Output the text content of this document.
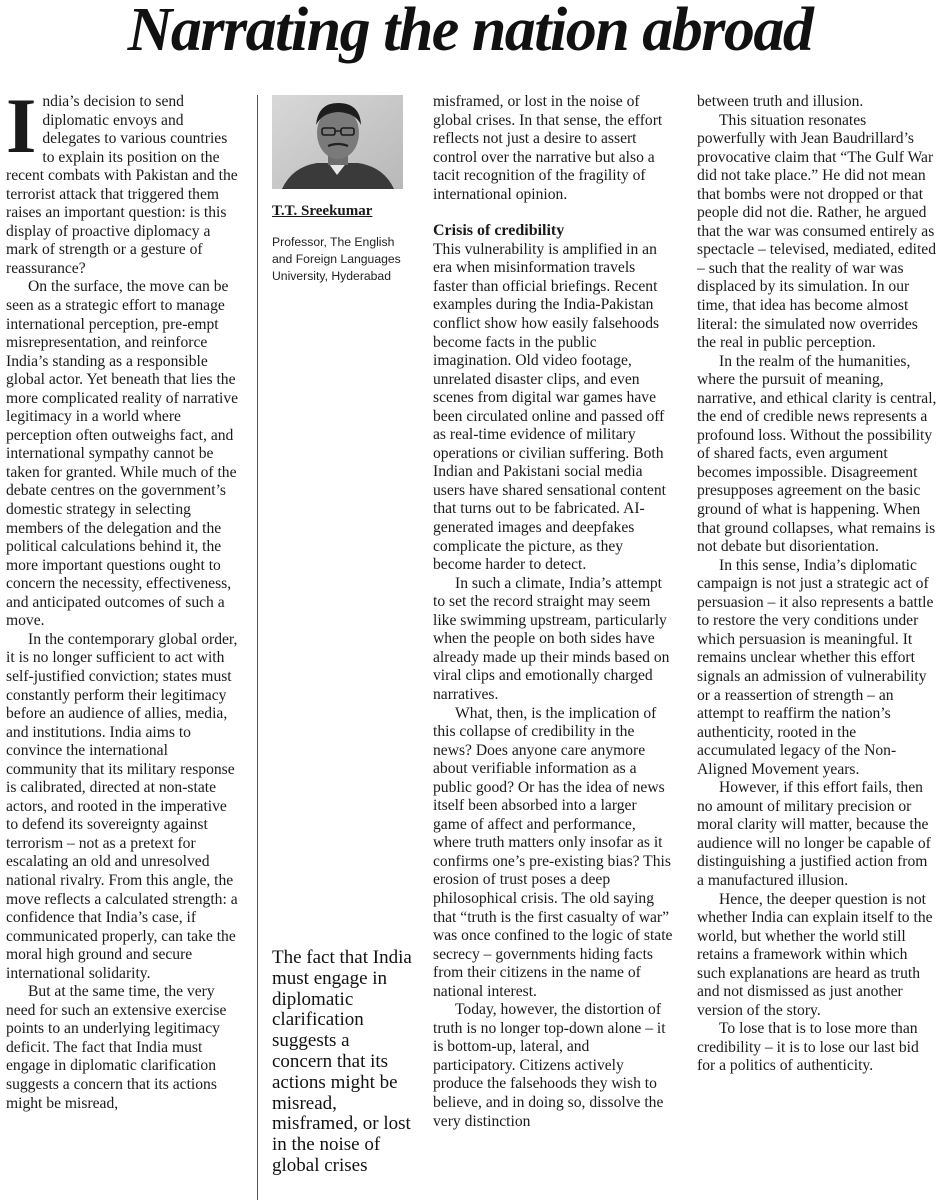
Narrating the nation abroad

India’s decision to send diplomatic envoys and delegates to various countries to explain its position on the recent combats with Pakistan and the terrorist attack that triggered them raises an important question: is this display of proactive diplomacy a mark of strength or a gesture of reassurance?

On the surface, the move can be seen as a strategic effort to manage international perception, pre-empt misrepresentation, and reinforce India’s standing as a responsible global actor. Yet beneath that lies the more complicated reality of narrative legitimacy in a world where perception often outweighs fact, and international sympathy cannot be taken for granted. While much of the debate centres on the government’s domestic strategy in selecting members of the delegation and the political calculations behind it, the more important questions ought to concern the necessity, effectiveness, and anticipated outcomes of such a move.

In the contemporary global order, it is no longer sufficient to act with self-justified conviction; states must constantly perform their legitimacy before an audience of allies, media, and institutions. India aims to convince the international community that its military response is calibrated, directed at non-state actors, and rooted in the imperative to defend its sovereignty against terrorism – not as a pretext for escalating an old and unresolved national rivalry. From this angle, the move reflects a calculated strength: a confidence that India’s case, if communicated properly, can take the moral high ground and secure international solidarity.

But at the same time, the very need for such an extensive exercise points to an underlying legitimacy deficit. The fact that India must engage in diplomatic clarification suggests a concern that its actions might be misread,

T.T. Sreekumar
Professor, The English and Foreign Languages University, Hyderabad
The fact that India must engage in diplomatic clarification suggests a concern that its actions might be misread, misframed, or lost in the noise of global crises

misframed, or lost in the noise of global crises. In that sense, the effort reflects not just a desire to assert control over the narrative but also a tacit recognition of the fragility of international opinion.

Crisis of credibility

This vulnerability is amplified in an era when misinformation travels faster than official briefings. Recent examples during the India-Pakistan conflict show how easily falsehoods become facts in the public imagination. Old video footage, unrelated disaster clips, and even scenes from digital war games have been circulated online and passed off as real-time evidence of military operations or civilian suffering. Both Indian and Pakistani social media users have shared sensational content that turns out to be fabricated. AI-generated images and deepfakes complicate the picture, as they become harder to detect.

In such a climate, India’s attempt to set the record straight may seem like swimming upstream, particularly when the people on both sides have already made up their minds based on viral clips and emotionally charged narratives.

What, then, is the implication of this collapse of credibility in the news? Does anyone care anymore about verifiable information as a public good? Or has the idea of news itself been absorbed into a larger game of affect and performance, where truth matters only insofar as it confirms one’s pre-existing bias? This erosion of trust poses a deep philosophical crisis. The old saying that “truth is the first casualty of war” was once confined to the logic of state secrecy – governments hiding facts from their citizens in the name of national interest.

Today, however, the distortion of truth is no longer top-down alone – it is bottom-up, lateral, and participatory. Citizens actively produce the falsehoods they wish to believe, and in doing so, dissolve the very distinction

between truth and illusion.

This situation resonates powerfully with Jean Baudrillard’s provocative claim that “The Gulf War did not take place.” He did not mean that bombs were not dropped or that people did not die. Rather, he argued that the war was consumed entirely as spectacle – televised, mediated, edited – such that the reality of war was displaced by its simulation. In our time, that idea has become almost literal: the simulated now overrides the real in public perception.

In the realm of the humanities, where the pursuit of meaning, narrative, and ethical clarity is central, the end of credible news represents a profound loss. Without the possibility of shared facts, even argument becomes impossible. Disagreement presupposes agreement on the basic ground of what is happening. When that ground collapses, what remains is not debate but disorientation.

In this sense, India’s diplomatic campaign is not just a strategic act of persuasion – it also represents a battle to restore the very conditions under which persuasion is meaningful. It remains unclear whether this effort signals an admission of vulnerability or a reassertion of strength – an attempt to reaffirm the nation’s authenticity, rooted in the accumulated legacy of the Non-Aligned Movement years.

However, if this effort fails, then no amount of military precision or moral clarity will matter, because the audience will no longer be capable of distinguishing a justified action from a manufactured illusion.

Hence, the deeper question is not whether India can explain itself to the world, but whether the world still retains a framework within which such explanations are heard as truth and not dismissed as just another version of the story.

To lose that is to lose more than credibility – it is to lose our last bid for a politics of authenticity.
